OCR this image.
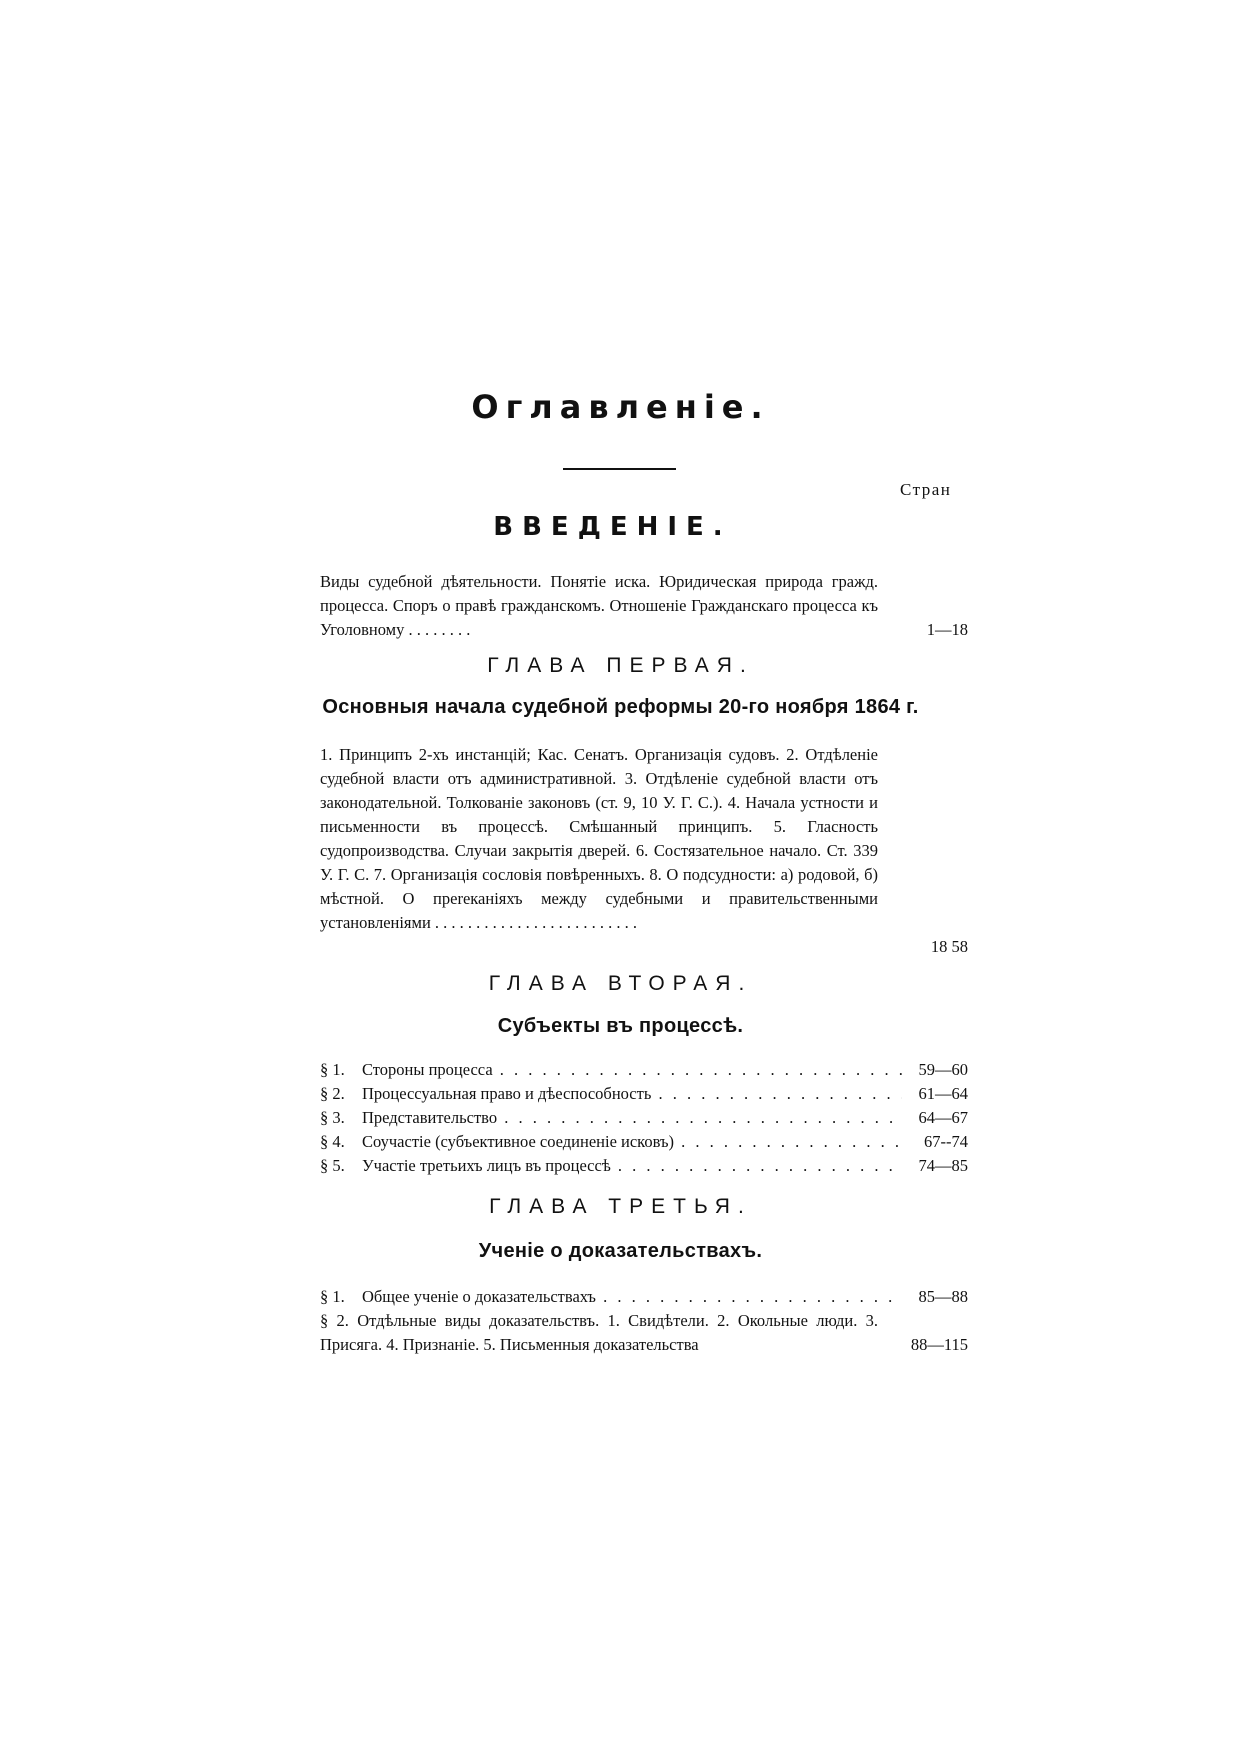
Оглавленіе.

Стран

ВВЕДЕНІЕ.

Виды судебной дѣятельности. Понятіе иска. Юридическая природа гражд. процесса. Споръ о правѣ гражданскомъ. Отношеніе Гражданскаго процесса къ Уголовному . . . . . . . .	1—18

ГЛАВА ПЕРВАЯ.
Основныя начала судебной реформы 20-го ноября 1864 г.

1. Принципъ 2-хъ инстанцій; Кас. Сенатъ. Организація судовъ. 2. Отдѣленіе судебной власти отъ административной. 3. Отдѣленіе судебной власти отъ законодательной. Толкованіе законовъ (ст. 9, 10 У. Г. С.). 4. Начала устности и письменности въ процессѣ. Смѣшанный принципъ. 5. Гласность судопроизводства. Случаи закрытія дверей. 6. Состязательное начало. Ст. 339 У. Г. С. 7. Организація сословія повѣренныхъ. 8. О подсудности: а) родовой, б) мѣстной. О прereканіяхъ между судебными и правительственными установленіями . . . . . . . . . . . . . . . . . . . . . . . . .

18 58

ГЛАВА ВТОРАЯ.
Субъекты въ процессѣ.
§ 1.	Стороны процесса . . .	59—60
§ 2.	Процессуальная право и дѣеспособность . . .	61—64
§ 3.	Представительство . . .	64—67
§ 4.	Соучастіе (субъективное соединеніе исковъ) . . .	67--74
§ 5.	Участіе третьихъ лицъ въ процессѣ . . .	74—85
ГЛАВА ТРЕТЬЯ.
Ученіе о доказательствахъ.
§ 1.	Общее ученіе о доказательствахъ . . .	85—88

§ 2. Отдѣльные виды доказательствъ. 1. Свидѣтели. 2. Окольные люди. 3. Присяга. 4. Признаніе. 5. Письменныя доказательства	88—115
